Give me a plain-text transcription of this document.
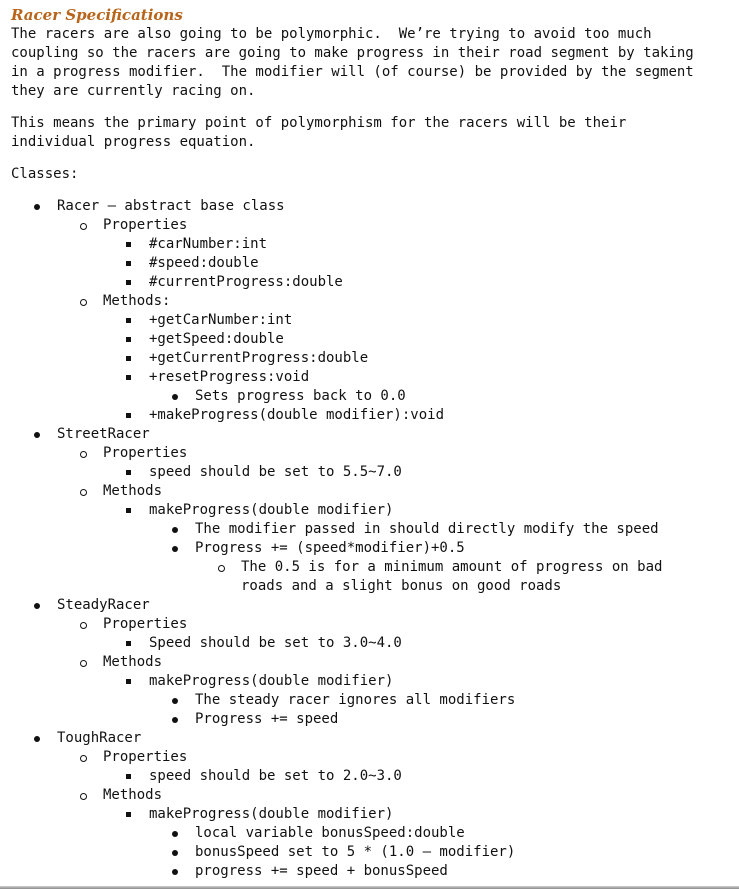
Racer Specifications

The racers are also going to be polymorphic.  We’re trying to avoid too much
coupling so the racers are going to make progress in their road segment by taking
in a progress modifier.  The modifier will (of course) be provided by the segment
they are currently racing on.

This means the primary point of polymorphism for the racers will be their
individual progress equation.

Classes:
Racer – abstract base class
Properties
#carNumber:int
#speed:double
#currentProgress:double
Methods:
+getCarNumber:int
+getSpeed:double
+getCurrentProgress:double
+resetProgress:void
Sets progress back to 0.0
+makeProgress(double modifier):void
StreetRacer
Properties
speed should be set to 5.5~7.0
Methods
makeProgress(double modifier)
The modifier passed in should directly modify the speed
Progress += (speed*modifier)+0.5
The 0.5 is for a minimum amount of progress on bad
roads and a slight bonus on good roads
SteadyRacer
Properties
Speed should be set to 3.0~4.0
Methods
makeProgress(double modifier)
The steady racer ignores all modifiers
Progress += speed
ToughRacer
Properties
speed should be set to 2.0~3.0
Methods
makeProgress(double modifier)
local variable bonusSpeed:double
bonusSpeed set to 5 * (1.0 – modifier)
progress += speed + bonusSpeed
